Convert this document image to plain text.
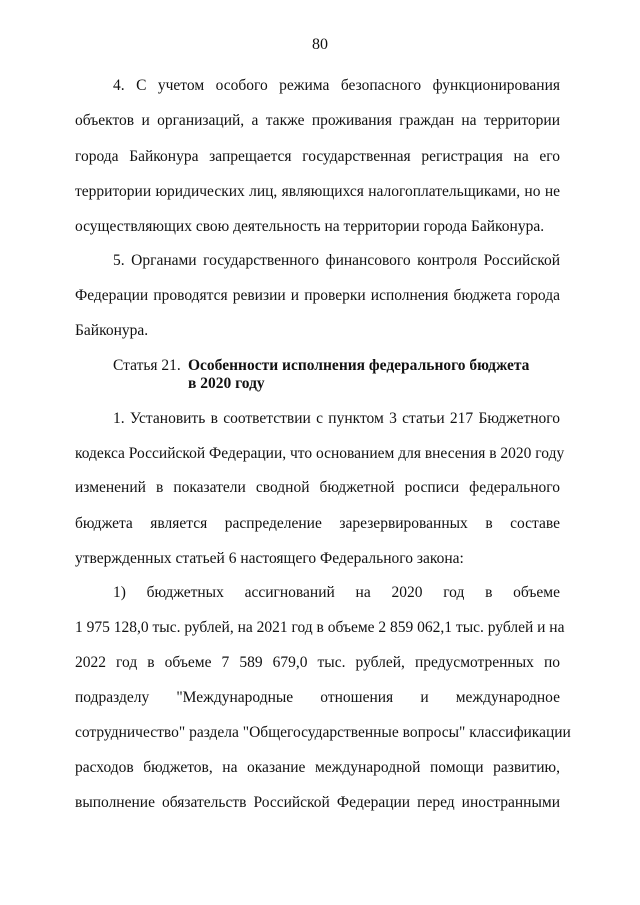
80
4. С учетом особого режима безопасного функционирования
объектов и организаций, а также проживания граждан на территории
города Байконура запрещается государственная регистрация на его
территории юридических лиц, являющихся налогоплательщиками, но не
осуществляющих свою деятельность на территории города Байконура.
5. Органами государственного финансового контроля Российской
Федерации проводятся ревизии и проверки исполнения бюджета города
Байконура.
Статья 21. Особенности исполнения федерального бюджета
в 2020 году
1. Установить в соответствии с пунктом 3 статьи 217 Бюджетного
кодекса Российской Федерации, что основанием для внесения в 2020 году
изменений в показатели сводной бюджетной росписи федерального
бюджета является распределение зарезервированных в составе
утвержденных статьей 6 настоящего Федерального закона:
1) бюджетных ассигнований на 2020 год в объеме
1 975 128,0 тыс. рублей, на 2021 год в объеме 2 859 062,1 тыс. рублей и на
2022 год в объеме 7 589 679,0 тыс. рублей, предусмотренных по
подразделу "Международные отношения и международное
сотрудничество" раздела "Общегосударственные вопросы" классификации
расходов бюджетов, на оказание международной помощи развитию,
выполнение обязательств Российской Федерации перед иностранными
